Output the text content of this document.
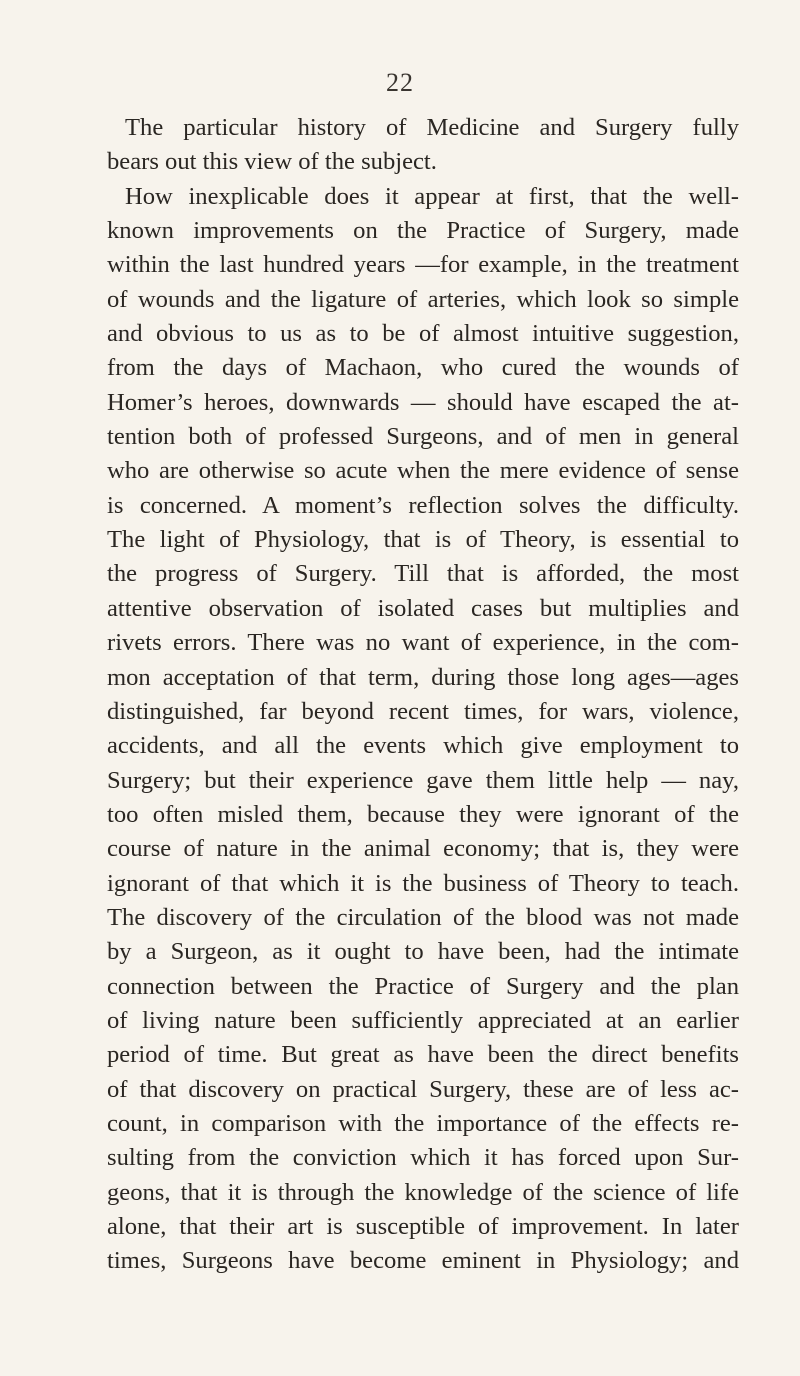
22
The particular history of Medicine and Surgery fully
bears out this view of the subject.
How inexplicable does it appear at first, that the well-
known improvements on the Practice of Surgery, made
within the last hundred years —for example, in the treatment
of wounds and the ligature of arteries, which look so simple
and obvious to us as to be of almost intuitive suggestion,
from the days of Machaon, who cured the wounds of
Homer’s heroes, downwards — should have escaped the at-
tention both of professed Surgeons, and of men in general
who are otherwise so acute when the mere evidence of sense
is concerned. A moment’s reflection solves the difficulty.
The light of Physiology, that is of Theory, is essential to
the progress of Surgery. Till that is afforded, the most
attentive observation of isolated cases but multiplies and
rivets errors. There was no want of experience, in the com-
mon acceptation of that term, during those long ages—ages
distinguished, far beyond recent times, for wars, violence,
accidents, and all the events which give employment to
Surgery; but their experience gave them little help — nay,
too often misled them, because they were ignorant of the
course of nature in the animal economy; that is, they were
ignorant of that which it is the business of Theory to teach.
The discovery of the circulation of the blood was not made
by a Surgeon, as it ought to have been, had the intimate
connection between the Practice of Surgery and the plan
of living nature been sufficiently appreciated at an earlier
period of time. But great as have been the direct benefits
of that discovery on practical Surgery, these are of less ac-
count, in comparison with the importance of the effects re-
sulting from the conviction which it has forced upon Sur-
geons, that it is through the knowledge of the science of life
alone, that their art is susceptible of improvement. In later
times, Surgeons have become eminent in Physiology; and
